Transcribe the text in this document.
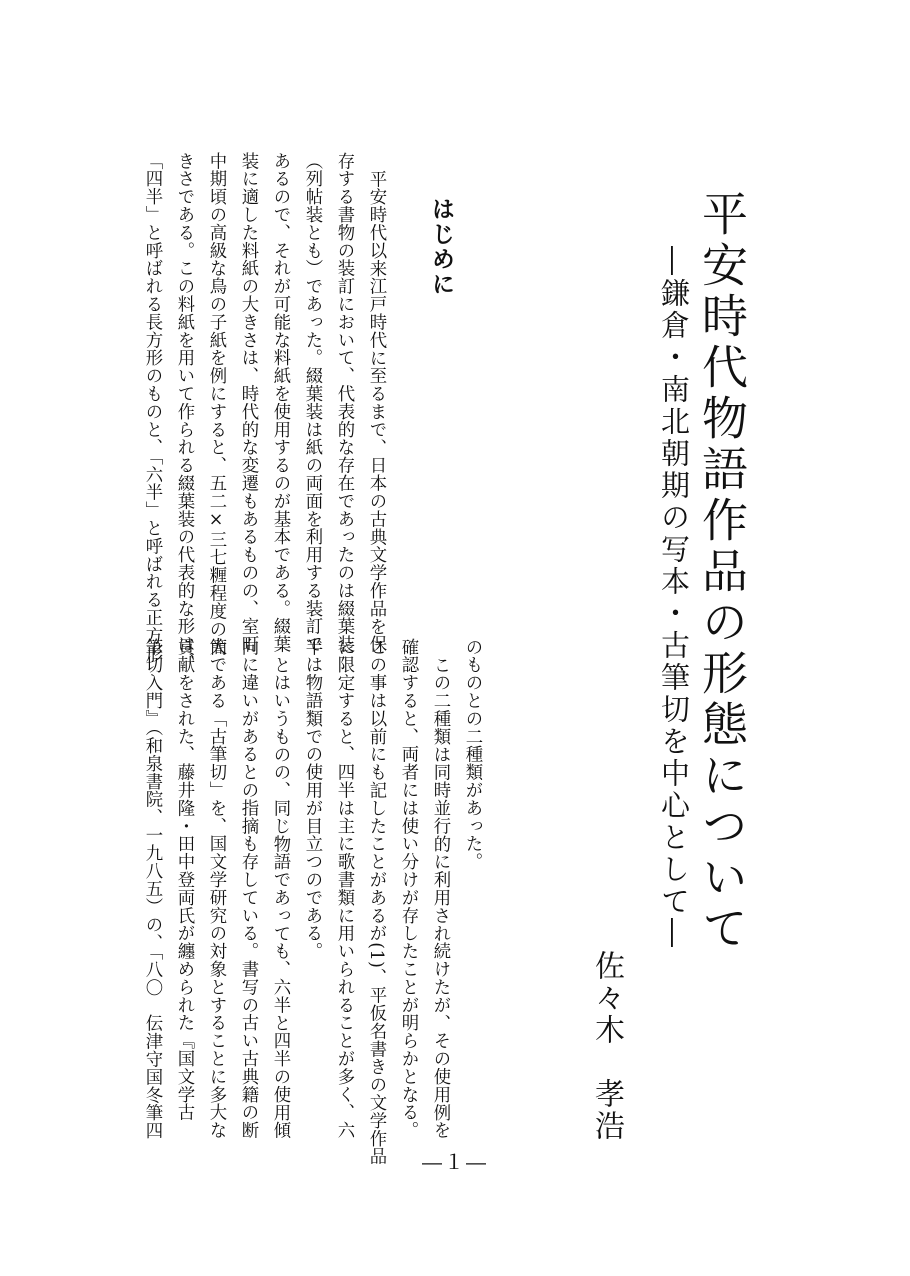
平安時代物語作品の形態について
―鎌倉・南北朝期の写本・古筆切を中心として―
佐々木　孝浩
はじめに
平安時代以来江戸時代に至るまで、日本の古典文学作品を保
存する書物の装訂において、代表的な存在であったのは綴葉装
（列帖装とも）であった。綴葉装は紙の両面を利用する装訂で
あるので、それが可能な料紙を使用するのが基本である。綴葉
装に適した料紙の大きさは、時代的な変遷もあるものの、室町
中期頃の高級な鳥の子紙を例にすると、五二×三七糎程度の大
きさである。この料紙を用いて作られる綴葉装の代表的な形は、
「四半」と呼ばれる長方形のものと、「六半」と呼ばれる正方形
のものとの二種類があった。
この二種類は同時並行的に利用され続けたが、その使用例を
確認すると、両者には使い分けが存したことが明らかとなる。
この事は以前にも記したことがあるが(1)、平仮名書きの文学作品
に限定すると、四半は主に歌書類に用いられることが多く、六
半は物語類での使用が目立つのである。
とはいうものの、同じ物語であっても、六半と四半の使用傾
向に違いがあるとの指摘も存している。書写の古い古典籍の断
簡である「古筆切」を、国文学研究の対象とすることに多大な
貢献をされた、藤井隆・田中登両氏が纏められた『国文学古
筆切入門』（和泉書院、一九八五）の、「八〇　伝津守国冬筆四
―１―
